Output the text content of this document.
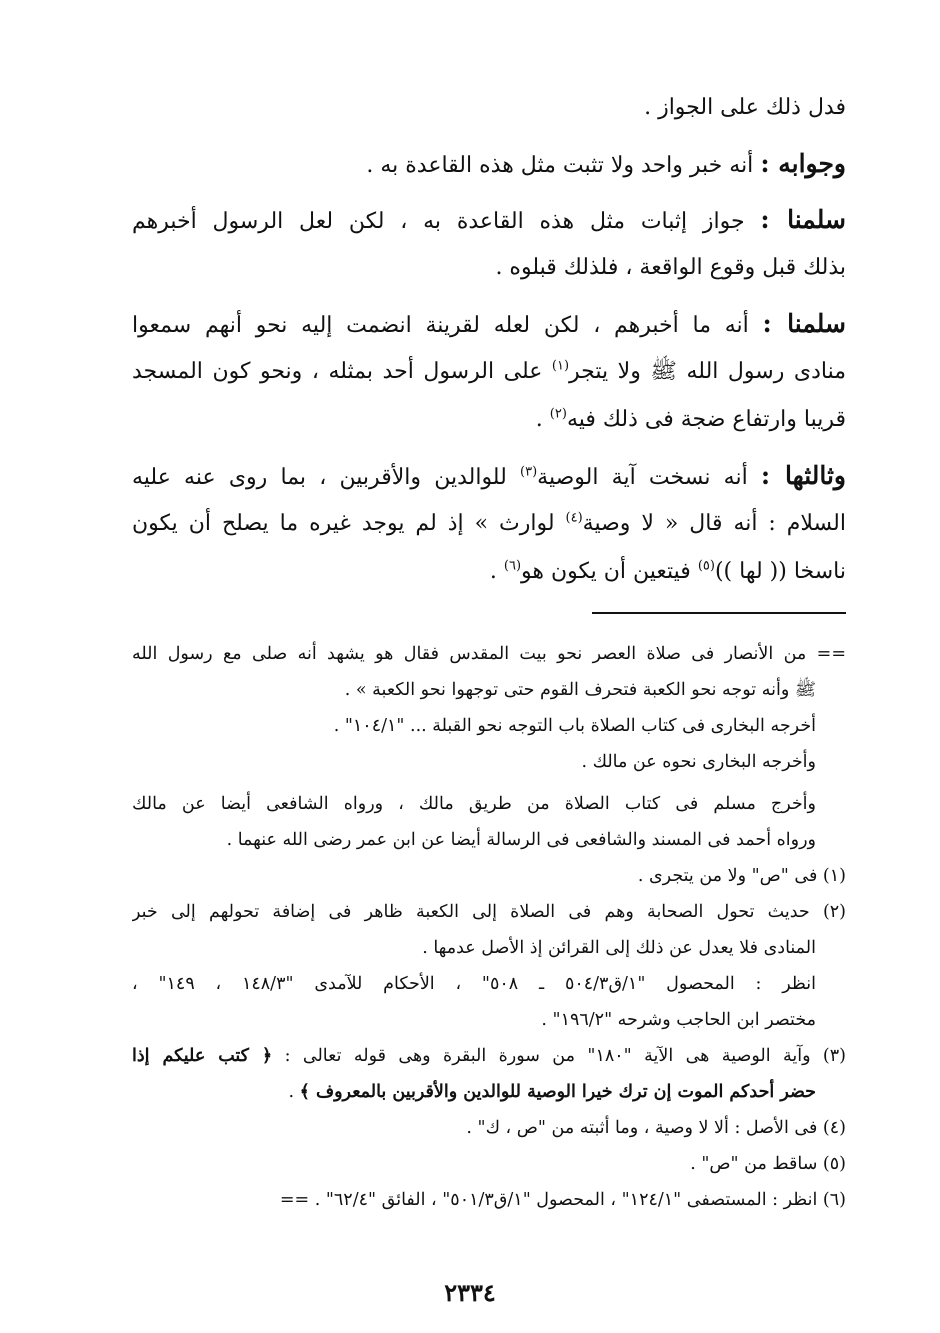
فدل ذلك على الجواز .
وجوابه : أنه خبر واحد ولا تثبت مثل هذه القاعدة به .
سلمنا : جواز إثبات مثل هذه القاعدة به ، لكن لعل الرسول أخبرهم
بذلك قبل وقوع الواقعة ، فلذلك قبلوه .
سلمنا : أنه ما أخبرهم ، لكن لعله لقرينة انضمت إليه نحو أنهم سمعوا
منادى رسول الله ﷺ ولا يتجر$^{(١)}$ على الرسول أحد بمثله ، ونحو كون المسجد
قريبا وارتفاع ضجة فى ذلك فيه$^{(٢)}$ .
وثالثها : أنه نسخت آية الوصية$^{(٣)}$ للوالدين والأقربين ، بما روى عنه عليه
السلام : أنه قال « لا وصية$^{(٤)}$ لوارث » إذ لم يوجد غيره ما يصلح أن يكون
ناسخا (( لها ))$^{(٥)}$ فيتعين أن يكون هو$^{(٦)}$ .
== من الأنصار فى صلاة العصر نحو بيت المقدس فقال هو يشهد أنه صلى مع رسول الله
ﷺ وأنه توجه نحو الكعبة فتحرف القوم حتى توجهوا نحو الكعبة » .
أخرجه البخارى فى كتاب الصلاة باب التوجه نحو القبلة ... "١٠٤/١" .
وأخرجه البخارى نحوه عن مالك .
وأخرج مسلم فى كتاب الصلاة من طريق مالك ، ورواه الشافعى أيضا عن مالك
ورواه أحمد فى المسند والشافعى فى الرسالة أيضا عن ابن عمر رضى الله عنهما .
(١) فى "ص" ولا من يتجرى .
(٢) حديث تحول الصحابة وهم فى الصلاة إلى الكعبة ظاهر فى إضافة تحولهم إلى خبر
المنادى فلا يعدل عن ذلك إلى القرائن إذ الأصل عدمها .
انظر : المحصول "١/ق٥٠٤/٣ ـ ٥٠٨" ، الأحكام للآمدى "١٤٨/٣ ، ١٤٩" ،
مختصر ابن الحاجب وشرحه "١٩٦/٢" .
(٣) وآية الوصية هى الآية "١٨٠" من سورة البقرة وهى قوله تعالى : ﴿ كتب عليكم إذا
حضر أحدكم الموت إن ترك خيرا الوصية للوالدين والأقربين بالمعروف ﴾ .
(٤) فى الأصل : ألا لا وصية ، وما أثبته من "ص ، ك" .
(٥) ساقط من "ص" .
(٦) انظر : المستصفى "١٢٤/١" ، المحصول "١/ق٥٠١/٣" ، الفائق "٦٢/٤" . ==
٢٣٣٤
